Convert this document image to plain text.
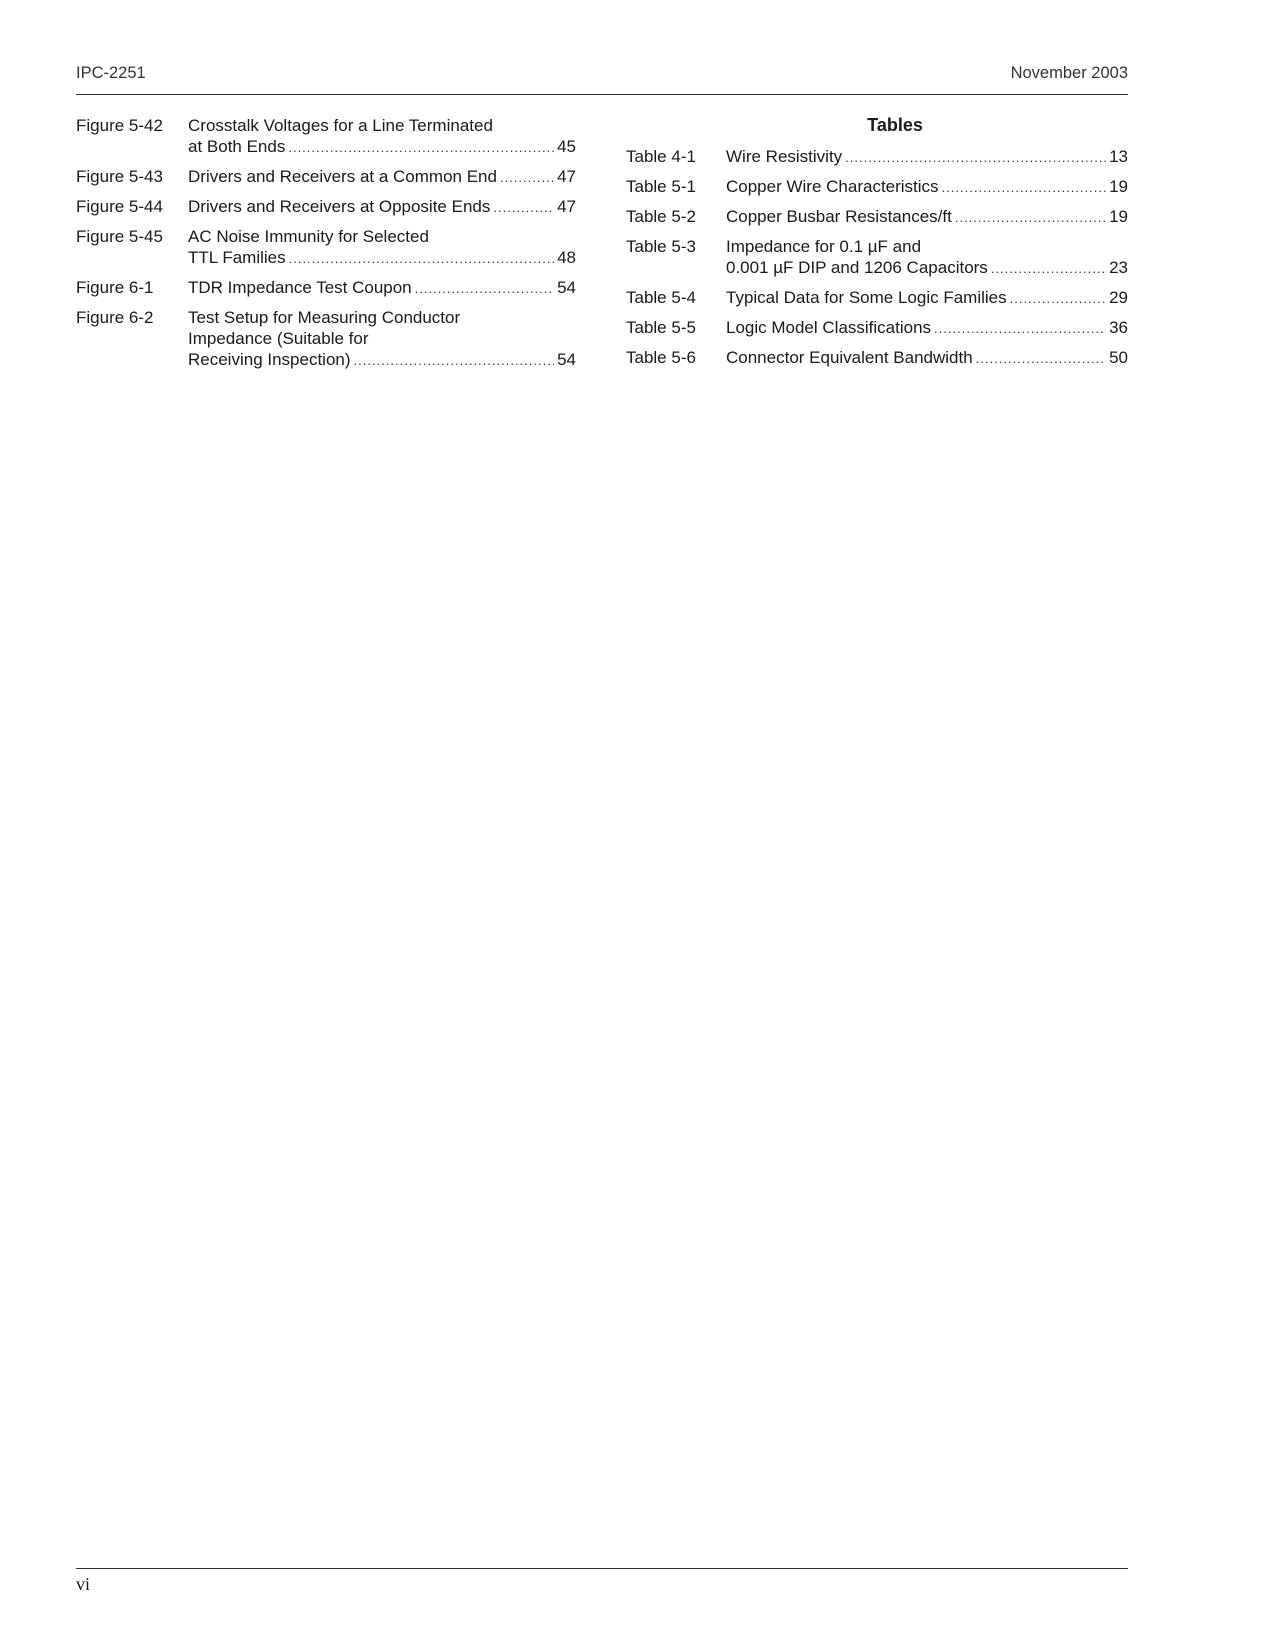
IPC-2251	November 2003
Figure 5-42 Crosstalk Voltages for a Line Terminated
at Both Ends .....	45
Figure 5-43 Drivers and Receivers at a Common End .....	47
Figure 5-44 Drivers and Receivers at Opposite Ends .....	47
Figure 5-45 AC Noise Immunity for Selected
TTL Families .....	48
Figure 6-1 TDR Impedance Test Coupon .....	54
Figure 6-2 Test Setup for Measuring Conductor
Impedance (Suitable for
Receiving Inspection) .....	54
Tables
Table 4-1 Wire Resistivity .....	13
Table 5-1 Copper Wire Characteristics .....	19
Table 5-2 Copper Busbar Resistances/ft .....	19
Table 5-3 Impedance for 0.1 µF and
0.001 µF DIP and 1206 Capacitors .....	23
Table 5-4 Typical Data for Some Logic Families .....	29
Table 5-5 Logic Model Classifications .....	36
Table 5-6 Connector Equivalent Bandwidth .....	50
vi
